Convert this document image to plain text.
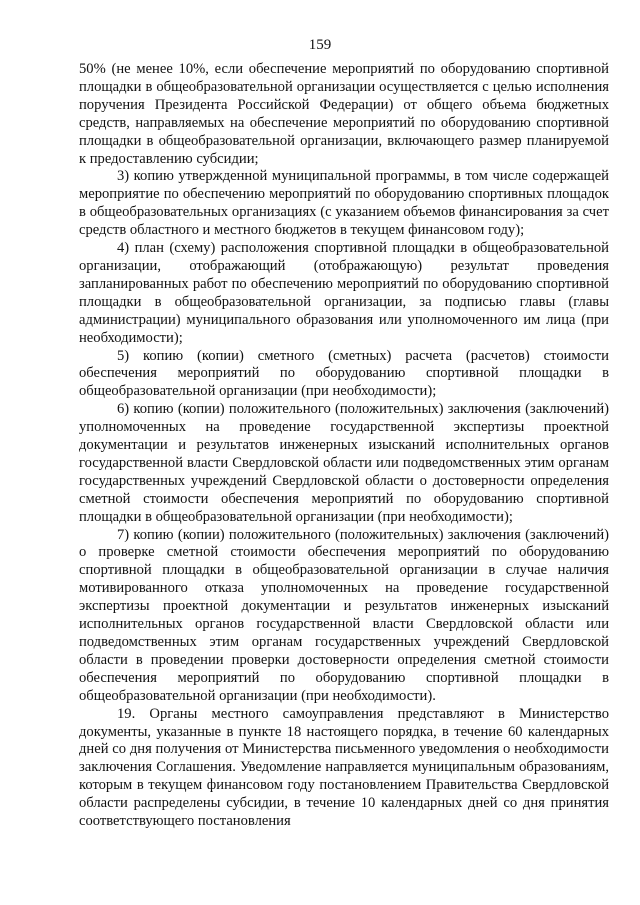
159

50% (не менее 10%, если обеспечение мероприятий по оборудованию спортивной площадки в общеобразовательной организации осуществляется с целью исполнения поручения Президента Российской Федерации) от общего объема бюджетных средств, направляемых на обеспечение мероприятий по оборудованию спортивной площадки в общеобразовательной организации, включающего размер планируемой к предоставлению субсидии;

3) копию утвержденной муниципальной программы, в том числе содержащей мероприятие по обеспечению мероприятий по оборудованию спортивных площадок в общеобразовательных организациях (с указанием объемов финансирования за счет средств областного и местного бюджетов в текущем финансовом году);

4) план (схему) расположения спортивной площадки в общеобразовательной организации, отображающий (отображающую) результат проведения запланированных работ по обеспечению мероприятий по оборудованию спортивной площадки в общеобразовательной организации, за подписью главы (главы администрации) муниципального образования или уполномоченного им лица (при необходимости);

5) копию (копии) сметного (сметных) расчета (расчетов) стоимости обеспечения мероприятий по оборудованию спортивной площадки в общеобразовательной организации (при необходимости);

6) копию (копии) положительного (положительных) заключения (заключений) уполномоченных на проведение государственной экспертизы проектной документации и результатов инженерных изысканий исполнительных органов государственной власти Свердловской области или подведомственных этим органам государственных учреждений Свердловской области о достоверности определения сметной стоимости обеспечения мероприятий по оборудованию спортивной площадки в общеобразовательной организации (при необходимости);

7) копию (копии) положительного (положительных) заключения (заключений) о проверке сметной стоимости обеспечения мероприятий по оборудованию спортивной площадки в общеобразовательной организации в случае наличия мотивированного отказа уполномоченных на проведение государственной экспертизы проектной документации и результатов инженерных изысканий исполнительных органов государственной власти Свердловской области или подведомственных этим органам государственных учреждений Свердловской области в проведении проверки достоверности определения сметной стоимости обеспечения мероприятий по оборудованию спортивной площадки в общеобразовательной организации (при необходимости).

19. Органы местного самоуправления представляют в Министерство документы, указанные в пункте 18 настоящего порядка, в течение 60 календарных дней со дня получения от Министерства письменного уведомления о необходимости заключения Соглашения. Уведомление направляется муниципальным образованиям, которым в текущем финансовом году постановлением Правительства Свердловской области распределены субсидии, в течение 10 календарных дней со дня принятия соответствующего постановления
